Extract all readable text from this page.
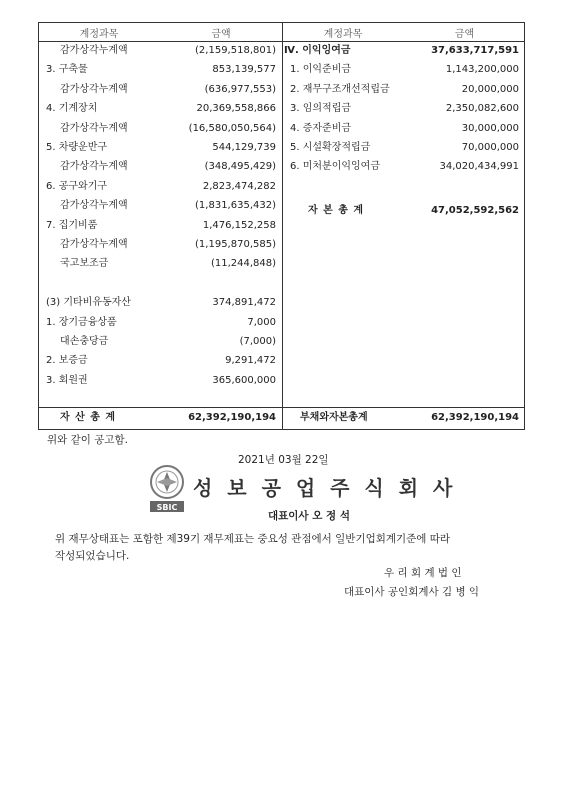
계정과목	금액	계정과목	금액
감가상각누계액	(2,159,518,801)
3. 구축물	853,139,577
감가상각누계액	(636,977,553)
4. 기계장치	20,369,558,866
감가상각누계액	(16,580,050,564)
5. 차량운반구	544,129,739
감가상각누계액	(348,495,429)
6. 공구와기구	2,823,474,282
감가상각누계액	(1,831,635,432)
7. 집기비품	1,476,152,258
감가상각누계액	(1,195,870,585)
국고보조금	(11,244,848)
(3) 기타비유동자산	374,891,472
1. 장기금융상품	7,000
대손충당금	(7,000)
2. 보증금	9,291,472
3. 회원권	365,600,000
Ⅳ. 이익잉여금	37,633,717,591
1. 이익준비금	1,143,200,000
2. 재무구조개선적립금	20,000,000
3. 임의적립금	2,350,082,600
4. 증자준비금	30,000,000
5. 시설확장적립금	70,000,000
6. 미처분이익잉여금	34,020,434,991
자 본 총 계	47,052,592,562
자 산 총 계	62,392,190,194 부채와자본총계	62,392,190,194
위와 같이 공고함.
2021년 03월 22일
SBIC
성 보 공 업 주 식 회 사
대표이사 오 정 석
위 재무상태표는 포함한 제39기 재무제표는 중요성 관점에서 일반기업회계기준에 따라
작성되었습니다.
우 리 회 계 법 인
대표이사 공인회계사 김 병 익
